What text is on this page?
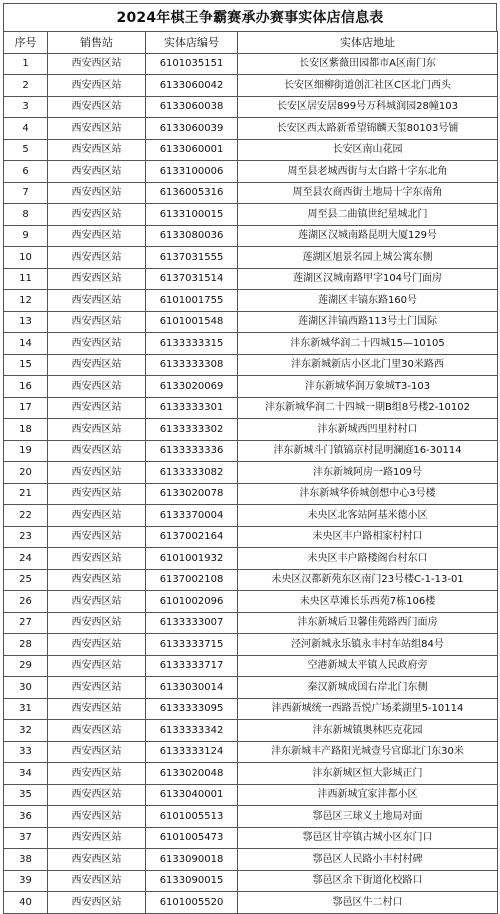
2024年棋王争霸赛承办赛事实体店信息表
序号	销售站	实体店编号	实体店地址
1	西安西区站	6101035151	长安区紫薇田园都市A区南门东
2	西安西区站	6133060042	长安区细柳街道创汇社区C区北门西头
3	西安西区站	6133060038	长安区居安居899号万科城润园28幢103
4	西安西区站	6133060039	长安区西太路新希望锦麟天玺80103号铺
5	西安西区站	6133060001	长安区南山花园
6	西安西区站	6133100006	周至县老城西街与太白路十字东北角
7	西安西区站	6136005316	周至县农商西街土地局十字东南角
8	西安西区站	6133100015	周至县二曲镇世纪星城北门
9	西安西区站	6133080036	莲湖区汉城南路昆明大厦129号
10	西安西区站	6137031555	莲湖区旭景名园上城公寓东侧
11	西安西区站	6137031514	莲湖区汉城南路甲字104号门面房
12	西安西区站	6101001755	莲湖区丰镐东路160号
13	西安西区站	6101001548	莲湖区沣镐西路113号土门国际
14	西安西区站	6133333315	沣东新城华润二十四城15—10105
15	西安西区站	6133333308	沣东新城新店小区北门里30米路西
16	西安西区站	6133020069	沣东新城华润万象城T3-103
17	西安西区站	6133333301	沣东新城华润二十四城一期B组8号楼2-10102
18	西安西区站	6133333302	沣东新城西凹里村村口
19	西安西区站	6133333336	沣东新城斗门镇镐京村昆明澜庭16-30114
20	西安西区站	6133333082	沣东新城阿房一路109号
21	西安西区站	6133020078	沣东新城华侨城创想中心3号楼
22	西安西区站	6133370004	未央区北客站阿基米德小区
23	西安西区站	6137002164	未央区丰户路相家村村口
24	西安西区站	6101001932	未央区丰户路楼阁台村东口
25	西安西区站	6137002108	未央区汉都新苑东区南门23号楼C-1-13-01
26	西安西区站	6101002096	未央区草滩长乐西苑7栋106楼
27	西安西区站	6133333007	沣东新城后卫馨佳苑路西门面房
28	西安西区站	6133333715	泾河新城永乐镇永丰村车站组84号
29	西安西区站	6133333717	空港新城太平镇人民政府旁
30	西安西区站	6133030014	秦汉新城成国右岸北门东侧
31	西安西区站	6133333095	沣西新城统一西路吾悦广场柔湖里5-10114
32	西安西区站	6133333342	沣东新城镇奥林匹克花园
33	西安西区站	6133333124	沣东新城丰产路阳光城壹号官邸北门东30米
34	西安西区站	6133020048	沣东新城区恒大影城正门
35	西安西区站	6133040001	沣西新城宜家沣都小区
36	西安西区站	6101005513	鄠邑区三球义土地局对面
37	西安西区站	6101005473	鄠邑区甘亭镇古城小区东门口
38	西安西区站	6133090018	鄠邑区人民路小丰村村碑
39	西安西区站	6133090015	鄠邑区余下街道化校路口
40	西安西区站	6101005520	鄠邑区牛二村口
